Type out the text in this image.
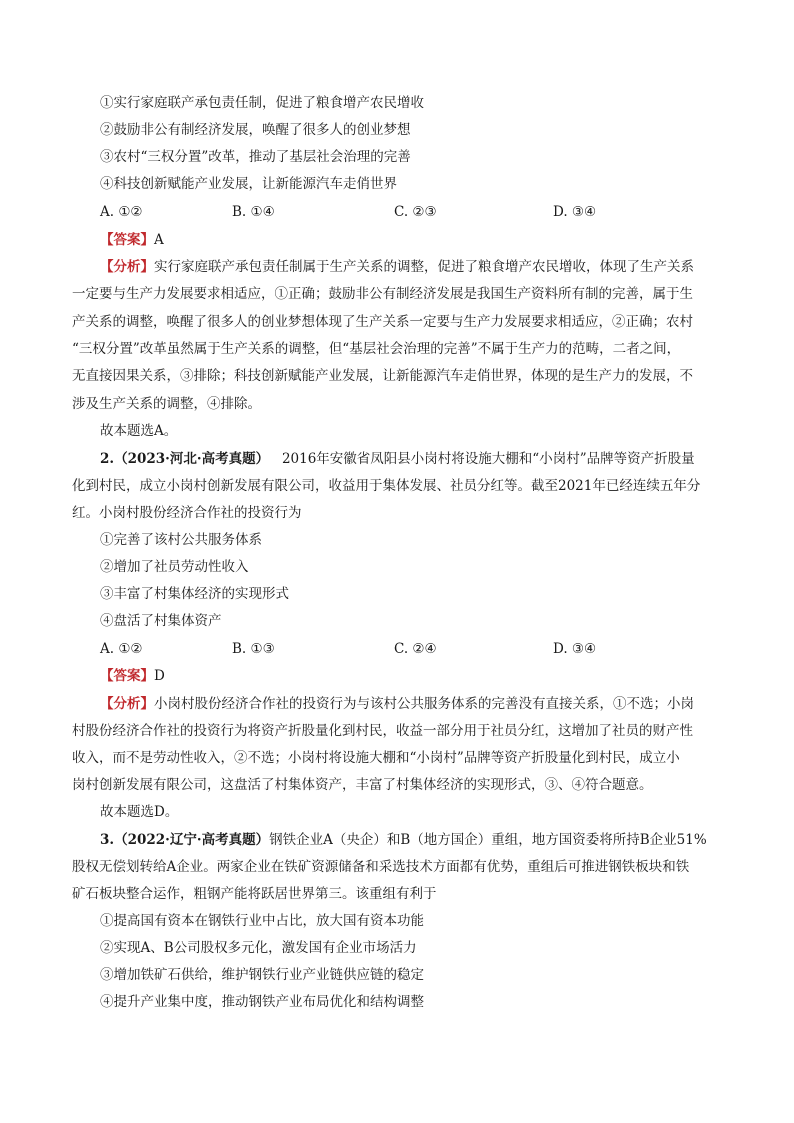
①实行家庭联产承包责任制，促进了粮食增产农民增收
②鼓励非公有制经济发展，唤醒了很多人的创业梦想
③农村“三权分置”改革，推动了基层社会治理的完善
④科技创新赋能产业发展，让新能源汽车走俏世界
A. ①②	B. ①④	C. ②③	D. ③④
【答案】A
【分析】实行家庭联产承包责任制属于生产关系的调整，促进了粮食增产农民增收，体现了生产关系
一定要与生产力发展要求相适应，①正确；鼓励非公有制经济发展是我国生产资料所有制的完善，属于生
产关系的调整，唤醒了很多人的创业梦想体现了生产关系一定要与生产力发展要求相适应，②正确；农村
“三权分置”改革虽然属于生产关系的调整，但“基层社会治理的完善”不属于生产力的范畴，二者之间，
无直接因果关系，③排除；科技创新赋能产业发展，让新能源汽车走俏世界，体现的是生产力的发展，不
涉及生产关系的调整，④排除。
故本题选A。
2.（2023·河北·高考真题） 2016年安徽省凤阳县小岗村将设施大棚和“小岗村”品牌等资产折股量
化到村民，成立小岗村创新发展有限公司，收益用于集体发展、社员分红等。截至2021年已经连续五年分
红。小岗村股份经济合作社的投资行为
①完善了该村公共服务体系
②增加了社员劳动性收入
③丰富了村集体经济的实现形式
④盘活了村集体资产
A. ①②	B. ①③	C. ②④	D. ③④
【答案】D
【分析】小岗村股份经济合作社的投资行为与该村公共服务体系的完善没有直接关系，①不选；小岗
村股份经济合作社的投资行为将资产折股量化到村民，收益一部分用于社员分红，这增加了社员的财产性
收入，而不是劳动性收入，②不选；小岗村将设施大棚和“小岗村”品牌等资产折股量化到村民，成立小
岗村创新发展有限公司，这盘活了村集体资产，丰富了村集体经济的实现形式，③、④符合题意。
故本题选D。
3.（2022·辽宁·高考真题）钢铁企业A（央企）和B（地方国企）重组，地方国资委将所持B企业51%
股权无偿划转给A企业。两家企业在铁矿资源储备和采选技术方面都有优势，重组后可推进钢铁板块和铁
矿石板块整合运作，粗钢产能将跃居世界第三。该重组有利于
①提高国有资本在钢铁行业中占比，放大国有资本功能
②实现A、B公司股权多元化，激发国有企业市场活力
③增加铁矿石供给，维护钢铁行业产业链供应链的稳定
④提升产业集中度，推动钢铁产业布局优化和结构调整
